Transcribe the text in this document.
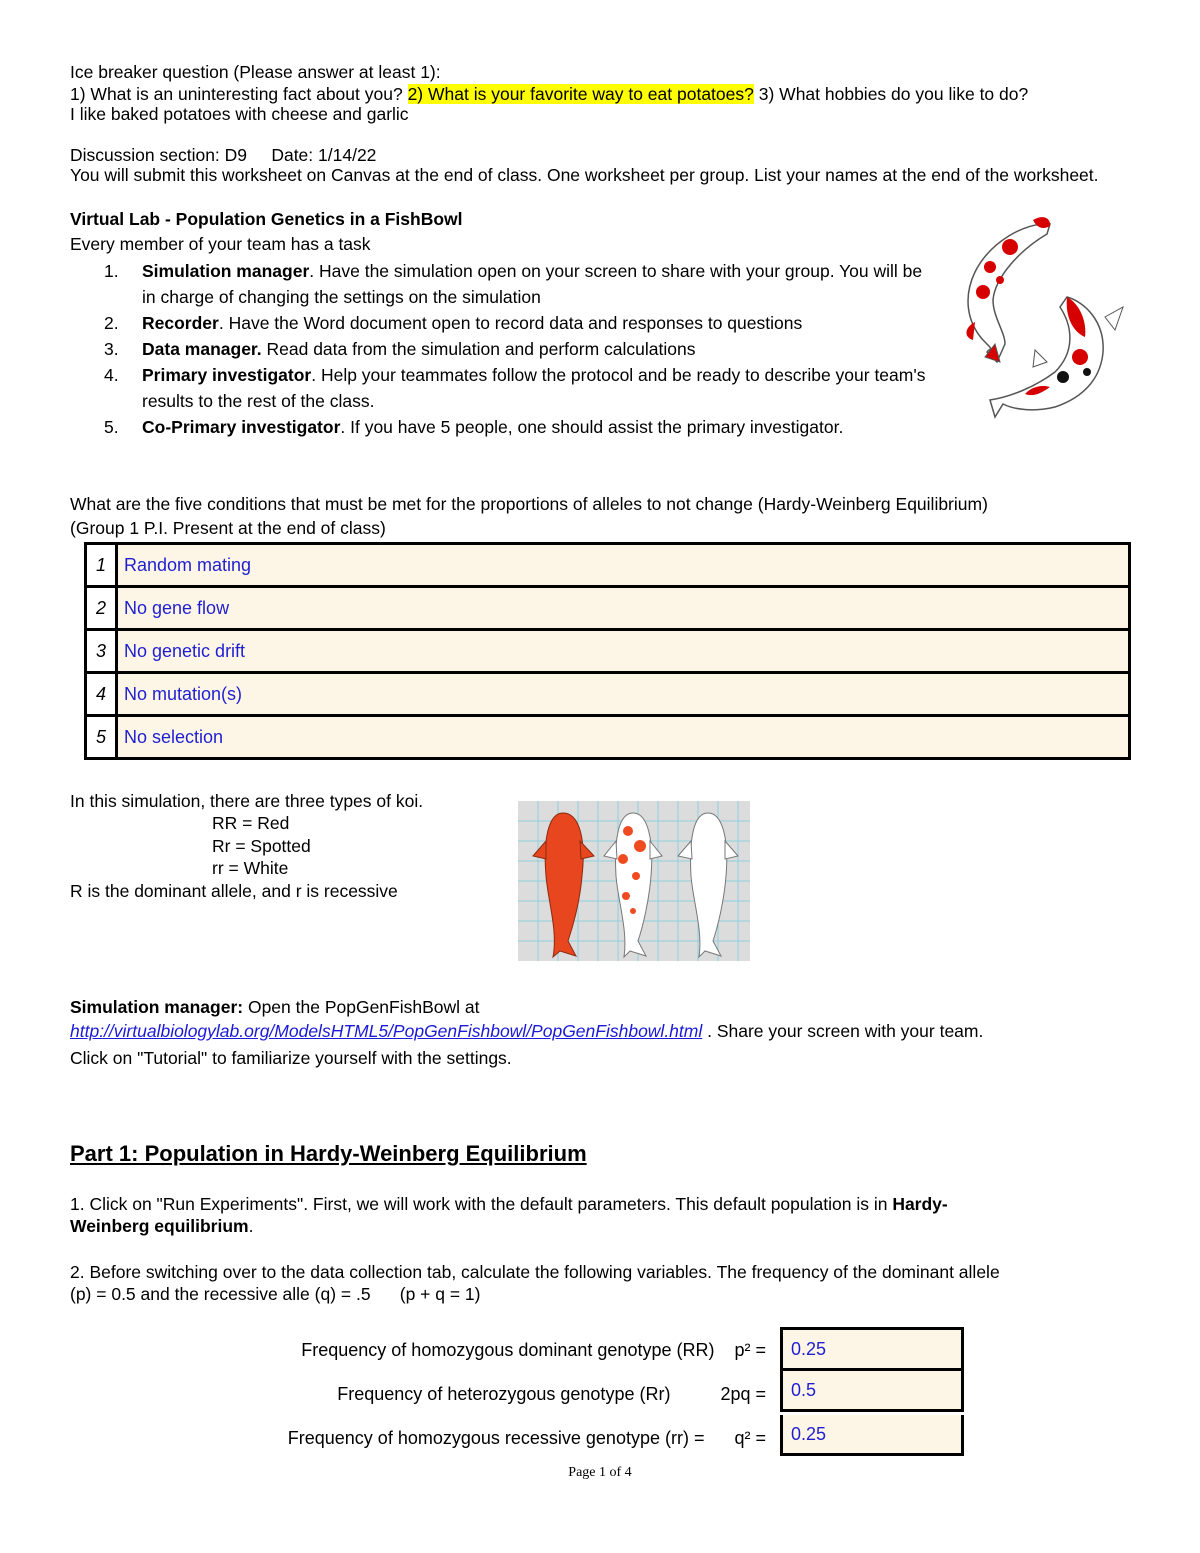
Ice breaker question (Please answer at least 1):
1) What is an uninteresting fact about you? 2) What is your favorite way to eat potatoes? 3) What hobbies do you like to do?
I like baked potatoes with cheese and garlic
Discussion section: D9     Date: 1/14/22
You will submit this worksheet on Canvas at the end of class. One worksheet per group. List your names at the end of the worksheet.
Virtual Lab - Population Genetics in a FishBowl
Every member of your team has a task
1. Simulation manager. Have the simulation open on your screen to share with your group. You will be in charge of changing the settings on the simulation
2. Recorder. Have the Word document open to record data and responses to questions
3. Data manager. Read data from the simulation and perform calculations
4. Primary investigator. Help your teammates follow the protocol and be ready to describe your team's results to the rest of the class.
5. Co-Primary investigator. If you have 5 people, one should assist the primary investigator.
What are the five conditions that must be met for the proportions of alleles to not change (Hardy-Weinberg Equilibrium)
(Group 1 P.I. Present at the end of class)
1	Random mating
2	No gene flow
3	No genetic drift
4	No mutation(s)
5	No selection
In this simulation, there are three types of koi.
RR = Red
Rr = Spotted
rr = White
R is the dominant allele, and r is recessive
Simulation manager: Open the PopGenFishBowl at
http://virtualbiologylab.org/ModelsHTML5/PopGenFishbowl/PopGenFishbowl.html . Share your screen with your team.
Click on "Tutorial" to familiarize yourself with the settings.
Part 1: Population in Hardy-Weinberg Equilibrium
1. Click on "Run Experiments". First, we will work with the default parameters. This default population is in Hardy-
Weinberg equilibrium.
2. Before switching over to the data collection tab, calculate the following variables. The frequency of the dominant allele
(p) = 0.5 and the recessive alle (q) = .5      (p + q = 1)
Frequency of homozygous dominant genotype (RR)    p² =	0.25
Frequency of heterozygous genotype (Rr)          2pq =	0.5
Frequency of homozygous recessive genotype (rr) =      q² =	0.25
Page 1 of 4
